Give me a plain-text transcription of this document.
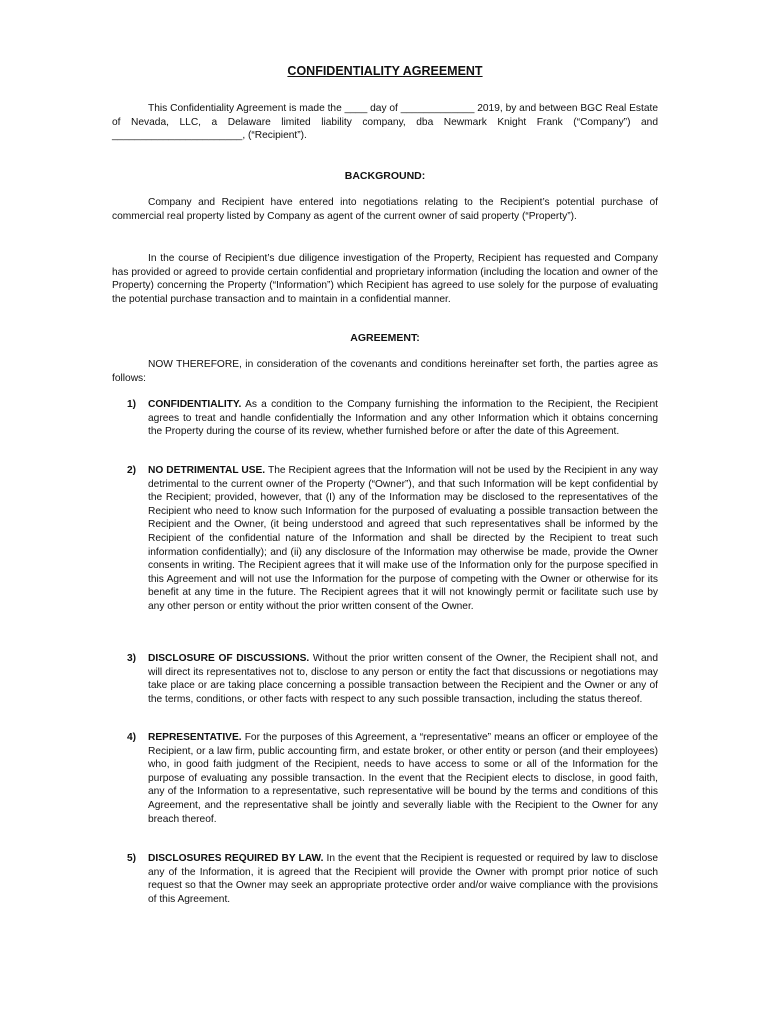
CONFIDENTIALITY AGREEMENT
This Confidentiality Agreement is made the ____ day of _____________ 2019, by and between BGC Real Estate of Nevada, LLC, a Delaware limited liability company, dba Newmark Knight Frank (“Company”) and _______________________, (“Recipient”).
BACKGROUND:
Company and Recipient have entered into negotiations relating to the Recipient’s potential purchase of commercial real property listed by Company as agent of the current owner of said property (“Property”).
In the course of Recipient’s due diligence investigation of the Property, Recipient has requested and Company has provided or agreed to provide certain confidential and proprietary information (including the location and owner of the Property) concerning the Property (“Information”) which Recipient has agreed to use solely for the purpose of evaluating the potential purchase transaction and to maintain in a confidential manner.
AGREEMENT:
NOW THEREFORE, in consideration of the covenants and conditions hereinafter set forth, the parties agree as follows:
1) CONFIDENTIALITY. As a condition to the Company furnishing the information to the Recipient, the Recipient agrees to treat and handle confidentially the Information and any other Information which it obtains concerning the Property during the course of its review, whether furnished before or after the date of this Agreement.
2) NO DETRIMENTAL USE. The Recipient agrees that the Information will not be used by the Recipient in any way detrimental to the current owner of the Property (“Owner”), and that such Information will be kept confidential by the Recipient; provided, however, that (I) any of the Information may be disclosed to the representatives of the Recipient who need to know such Information for the purposed of evaluating a possible transaction between the Recipient and the Owner, (it being understood and agreed that such representatives shall be informed by the Recipient of the confidential nature of the Information and shall be directed by the Recipient to treat such information confidentially); and (ii) any disclosure of the Information may otherwise be made, provide the Owner consents in writing. The Recipient agrees that it will make use of the Information only for the purpose specified in this Agreement and will not use the Information for the purpose of competing with the Owner or otherwise for its benefit at any time in the future. The Recipient agrees that it will not knowingly permit or facilitate such use by any other person or entity without the prior written consent of the Owner.
3) DISCLOSURE OF DISCUSSIONS. Without the prior written consent of the Owner, the Recipient shall not, and will direct its representatives not to, disclose to any person or entity the fact that discussions or negotiations may take place or are taking place concerning a possible transaction between the Recipient and the Owner or any of the terms, conditions, or other facts with respect to any such possible transaction, including the status thereof.
4) REPRESENTATIVE. For the purposes of this Agreement, a “representative” means an officer or employee of the Recipient, or a law firm, public accounting firm, and estate broker, or other entity or person (and their employees) who, in good faith judgment of the Recipient, needs to have access to some or all of the Information for the purpose of evaluating any possible transaction. In the event that the Recipient elects to disclose, in good faith, any of the Information to a representative, such representative will be bound by the terms and conditions of this Agreement, and the representative shall be jointly and severally liable with the Recipient to the Owner for any breach thereof.
5) DISCLOSURES REQUIRED BY LAW. In the event that the Recipient is requested or required by law to disclose any of the Information, it is agreed that the Recipient will provide the Owner with prompt prior notice of such request so that the Owner may seek an appropriate protective order and/or waive compliance with the provisions of this Agreement.
